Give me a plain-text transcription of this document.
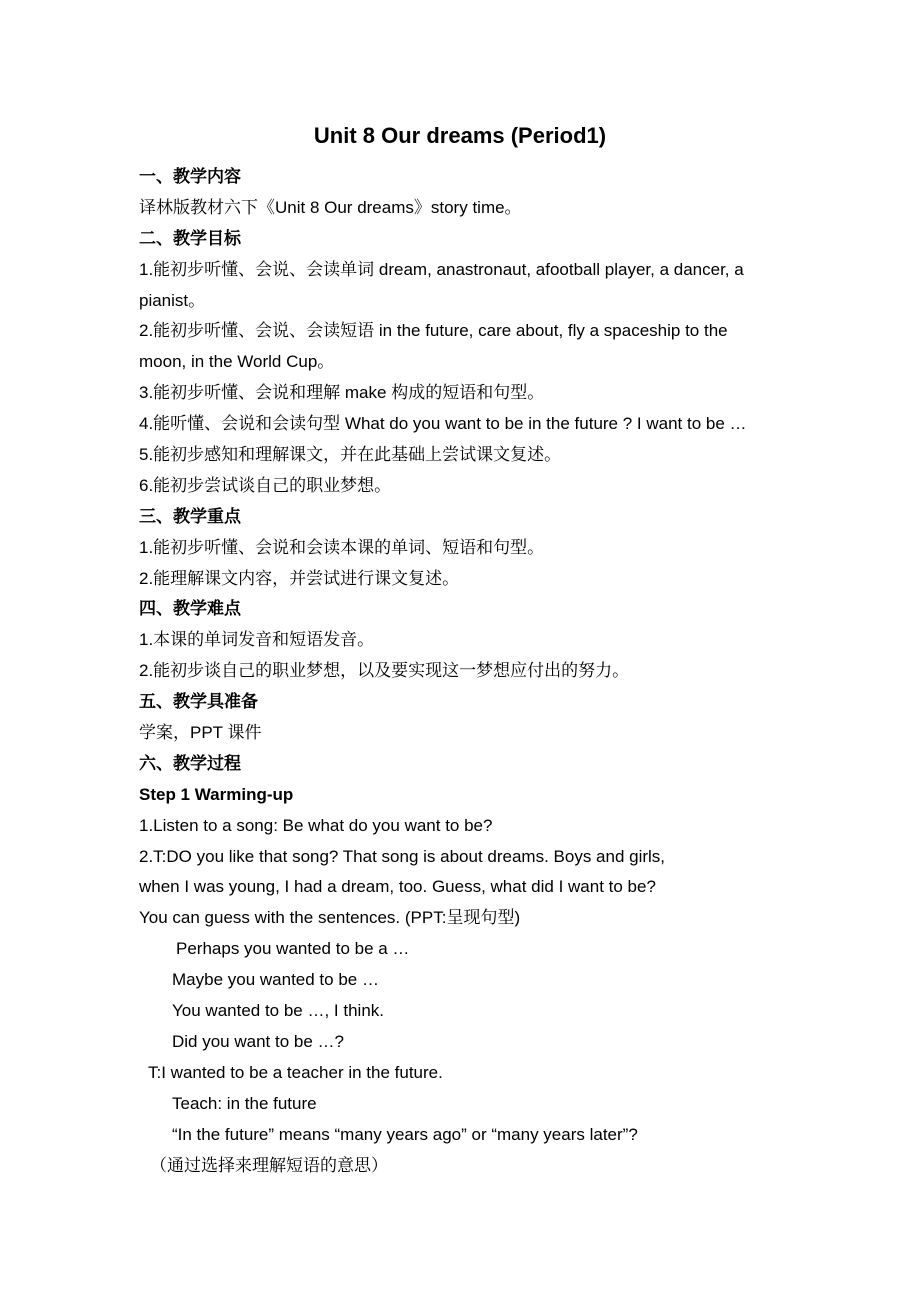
Unit 8 Our dreams (Period1)
一、教学内容
译林版教材六下《Unit 8 Our dreams》story time。
二、教学目标
1.能初步听懂、会说、会读单词 dream, anastronaut, afootball player, a dancer, a
pianist。
2.能初步听懂、会说、会读短语 in the future, care about, fly a spaceship to the
moon, in the World Cup。
3.能初步听懂、会说和理解 make 构成的短语和句型。
4.能听懂、会说和会读句型 What do you want to be in the future ? I want to be …
5.能初步感知和理解课文，并在此基础上尝试课文复述。
6.能初步尝试谈自己的职业梦想。
三、教学重点
1.能初步听懂、会说和会读本课的单词、短语和句型。
2.能理解课文内容，并尝试进行课文复述。
四、教学难点
1.本课的单词发音和短语发音。
2.能初步谈自己的职业梦想，以及要实现这一梦想应付出的努力。
五、教学具准备
学案，PPT 课件
六、教学过程
Step 1 Warming-up
1.Listen to a song: Be what do you want to be?
2.T:DO you like that song? That song is about dreams. Boys and girls,
when I was young, I had a dream, too. Guess, what did I want to be?
You can guess with the sentences. (PPT:呈现句型)
Perhaps you wanted to be a …
Maybe you wanted to be …
You wanted to be …, I think.
Did you want to be …?
T:I wanted to be a teacher in the future.
Teach: in the future
“In the future” means “many years ago” or “many years later”?
（通过选择来理解短语的意思）
